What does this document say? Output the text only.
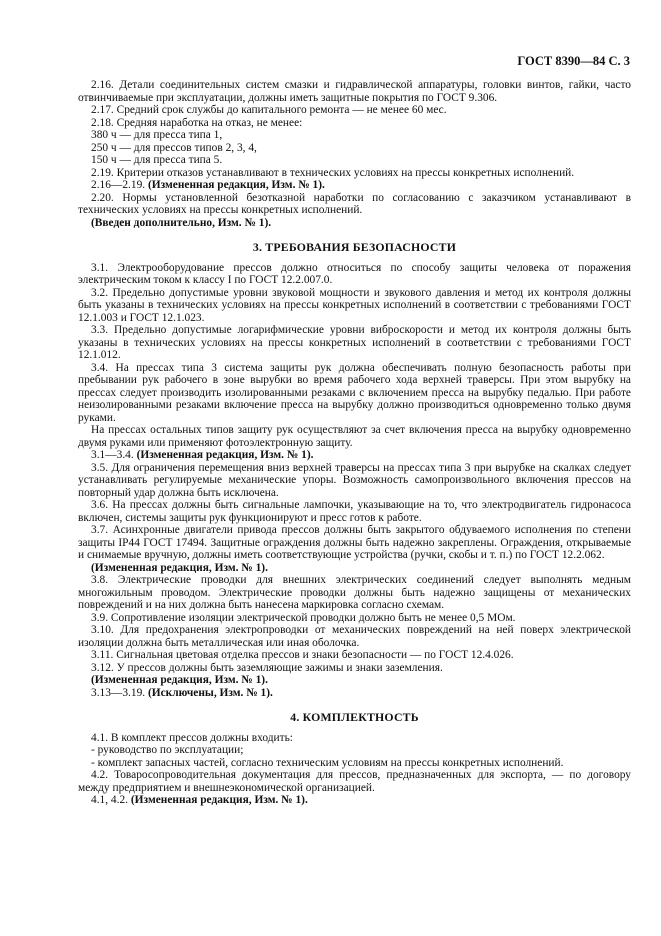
ГОСТ 8390—84 С. 3

2.16. Детали соединительных систем смазки и гидравлической аппаратуры, головки винтов, гайки, часто отвинчиваемые при эксплуатации, должны иметь защитные покрытия по ГОСТ 9.306.

2.17. Средний срок службы до капитального ремонта — не менее 60 мес.

2.18. Средняя наработка на отказ, не менее:

380 ч — для пресса типа 1,

250 ч — для прессов типов 2, 3, 4,

150 ч — для пресса типа 5.

2.19. Критерии отказов устанавливают в технических условиях на прессы конкретных исполнений.

2.16—2.19. (Измененная редакция, Изм. № 1).

2.20. Нормы установленной безотказной наработки по согласованию с заказчиком устанавливают в технических условиях на прессы конкретных исполнений.

(Введен дополнительно, Изм. № 1).

3. ТРЕБОВАНИЯ БЕЗОПАСНОСТИ

3.1. Электрооборудование прессов должно относиться по способу защиты человека от поражения электрическим током к классу I по ГОСТ 12.2.007.0.

3.2. Предельно допустимые уровни звуковой мощности и звукового давления и метод их контроля должны быть указаны в технических условиях на прессы конкретных исполнений в соответствии с требованиями ГОСТ 12.1.003 и ГОСТ 12.1.023.

3.3. Предельно допустимые логарифмические уровни виброскорости и метод их контроля должны быть указаны в технических условиях на прессы конкретных исполнений в соответствии с требованиями ГОСТ 12.1.012.

3.4. На прессах типа 3 система защиты рук должна обеспечивать полную безопасность работы при пребывании рук рабочего в зоне вырубки во время рабочего хода верхней траверсы. При этом вырубку на прессах следует производить изолированными резаками с включением пресса на вырубку педалью. При работе неизолированными резаками включение пресса на вырубку должно производиться одновременно только двумя руками.

На прессах остальных типов защиту рук осуществляют за счет включения пресса на вырубку одновременно двумя руками или применяют фотоэлектронную защиту.

3.1—3.4. (Измененная редакция, Изм. № 1).

3.5. Для ограничения перемещения вниз верхней траверсы на прессах типа 3 при вырубке на скалках следует устанавливать регулируемые механические упоры. Возможность самопроизвольного включения прессов на повторный удар должна быть исключена.

3.6. На прессах должны быть сигнальные лампочки, указывающие на то, что электродвигатель гидронасоса включен, системы защиты рук функционируют и пресс готов к работе.

3.7. Асинхронные двигатели привода прессов должны быть закрытого обдуваемого исполнения по степени защиты IP44 ГОСТ 17494. Защитные ограждения должны быть надежно закреплены. Ограждения, открываемые и снимаемые вручную, должны иметь соответствующие устройства (ручки, скобы и т. п.) по ГОСТ 12.2.062.

(Измененная редакция, Изм. № 1).

3.8. Электрические проводки для внешних электрических соединений следует выполнять медным многожильным проводом. Электрические проводки должны быть надежно защищены от механических повреждений и на них должна быть нанесена маркировка согласно схемам.

3.9. Сопротивление изоляции электрической проводки должно быть не менее 0,5 МОм.

3.10. Для предохранения электропроводки от механических повреждений на ней поверх электрической изоляции должна быть металлическая или иная оболочка.

3.11. Сигнальная цветовая отделка прессов и знаки безопасности — по ГОСТ 12.4.026.

3.12. У прессов должны быть заземляющие зажимы и знаки заземления.

(Измененная редакция, Изм. № 1).

3.13—3.19. (Исключены, Изм. № 1).

4. КОМПЛЕКТНОСТЬ

4.1. В комплект прессов должны входить:

- руководство по эксплуатации;

- комплект запасных частей, согласно техническим условиям на прессы конкретных исполнений.

4.2. Товаросопроводительная документация для прессов, предназначенных для экспорта, — по договору между предприятием и внешнеэкономической организацией.

4.1, 4.2. (Измененная редакция, Изм. № 1).
